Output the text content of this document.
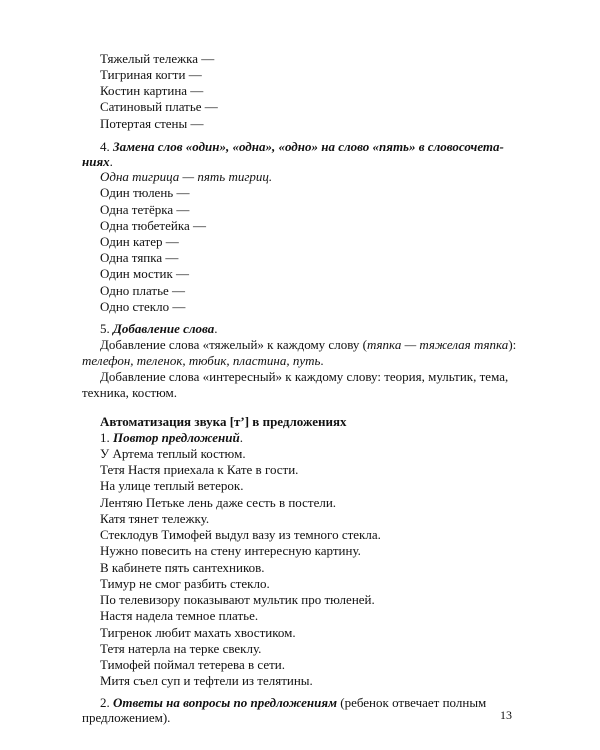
Тяжелый тележка —
Тигриная когти —
Костин картина —
Сатиновый платье —
Потертая стены —
4. Замена слов «один», «одна», «одно» на слово «пять» в словосочета-
ниях.
Одна тигрица — пять тигриц.
Один тюлень —
Одна тетёрка —
Одна тюбетейка —
Один катер —
Одна тяпка —
Один мостик —
Одно платье —
Одно стекло —
5. Добавление слова.
Добавление слова «тяжелый» к каждому слову (тяпка — тяжелая тяпка):
телефон, теленок, тюбик, пластина, путь.
Добавление слова «интересный» к каждому слову: теория, мультик, тема,
техника, костюм.
Автоматизация звука [т’] в предложениях
1. Повтор предложений.
У Артема теплый костюм.
Тетя Настя приехала к Кате в гости.
На улице теплый ветерок.
Лентяю Петьке лень даже сесть в постели.
Катя тянет тележку.
Стеклодув Тимофей выдул вазу из темного стекла.
Нужно повесить на стену интересную картину.
В кабинете пять сантехников.
Тимур не смог разбить стекло.
По телевизору показывают мультик про тюленей.
Настя надела темное платье.
Тигренок любит махать хвостиком.
Тетя натерла на терке свеклу.
Тимофей поймал тетерева в сети.
Митя съел суп и тефтели из телятины.
2. Ответы на вопросы по предложениям (ребенок отвечает полным
предложением).	13
